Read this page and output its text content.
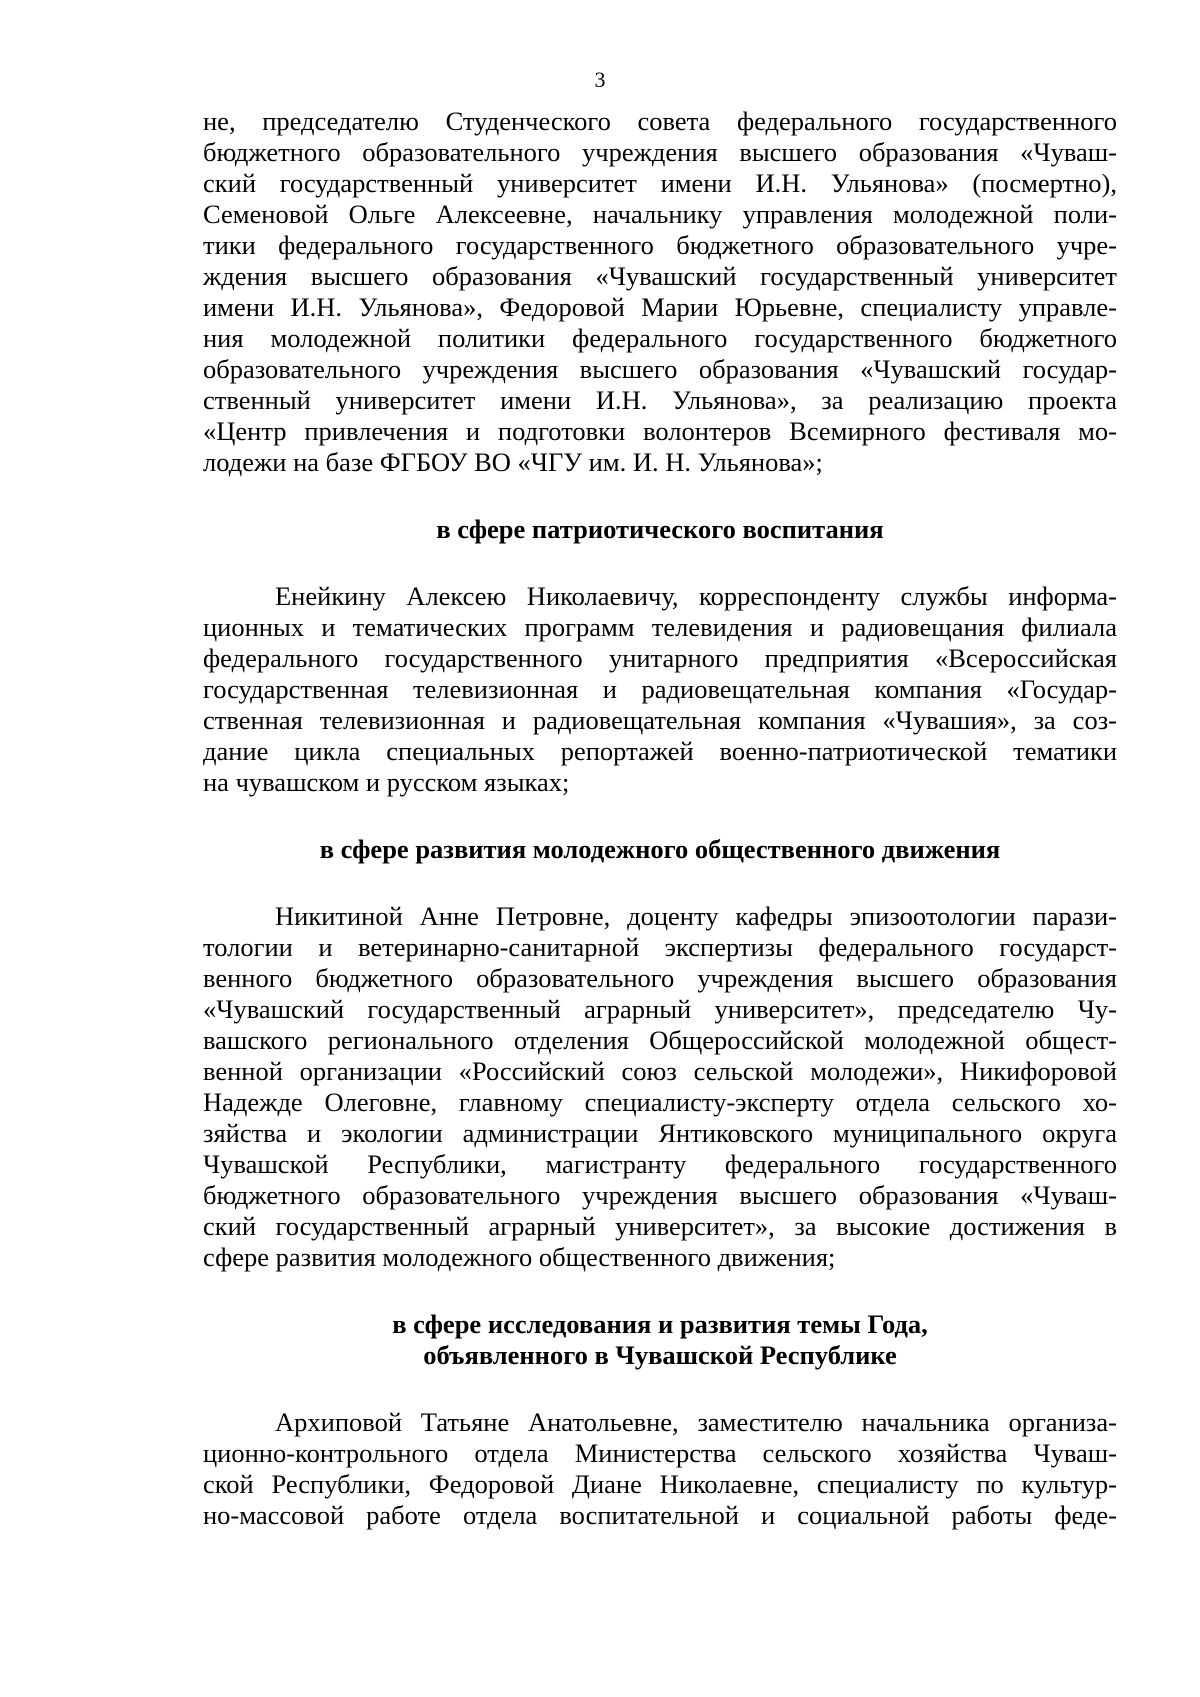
3
не, председателю Студенческого совета федерального государственного
бюджетного образовательного учреждения высшего образования «Чуваш-
ский государственный университет имени И.Н. Ульянова» (посмертно),
Семеновой Ольге Алексеевне, начальнику управления молодежной поли-
тики федерального государственного бюджетного образовательного учре-
ждения высшего образования «Чувашский государственный университет
имени И.Н. Ульянова», Федоровой Марии Юрьевне, специалисту управле-
ния молодежной политики федерального государственного бюджетного
образовательного учреждения высшего образования «Чувашский государ-
ственный университет имени И.Н. Ульянова», за реализацию проекта
«Центр привлечения и подготовки волонтеров Всемирного фестиваля мо-
лодежи на базе ФГБОУ ВО «ЧГУ им. И. Н. Ульянова»;
в сфере патриотического воспитания
Енейкину Алексею Николаевичу, корреспонденту службы информа-
ционных и тематических программ телевидения и радиовещания филиала
федерального государственного унитарного предприятия «Всероссийская
государственная телевизионная и радиовещательная компания «Государ-
ственная телевизионная и радиовещательная компания «Чувашия», за соз-
дание цикла специальных репортажей военно-патриотической тематики
на чувашском и русском языках;
в сфере развития молодежного общественного движения
Никитиной Анне Петровне, доценту кафедры эпизоотологии парази-
тологии и ветеринарно-санитарной экспертизы федерального государст-
венного бюджетного образовательного учреждения высшего образования
«Чувашский государственный аграрный университет», председателю Чу-
вашского регионального отделения Общероссийской молодежной общест-
венной организации «Российский союз сельской молодежи», Никифоровой
Надежде Олеговне, главному специалисту-эксперту отдела сельского хо-
зяйства и экологии администрации Янтиковского муниципального округа
Чувашской Республики, магистранту федерального государственного
бюджетного образовательного учреждения высшего образования «Чуваш-
ский государственный аграрный университет», за высокие достижения в
сфере развития молодежного общественного движения;
в сфере исследования и развития темы Года,
объявленного в Чувашской Республике
Архиповой Татьяне Анатольевне, заместителю начальника организа-
ционно-контрольного отдела Министерства сельского хозяйства Чуваш-
ской Республики, Федоровой Диане Николаевне, специалисту по культур-
но-массовой работе отдела воспитательной и социальной работы феде-
